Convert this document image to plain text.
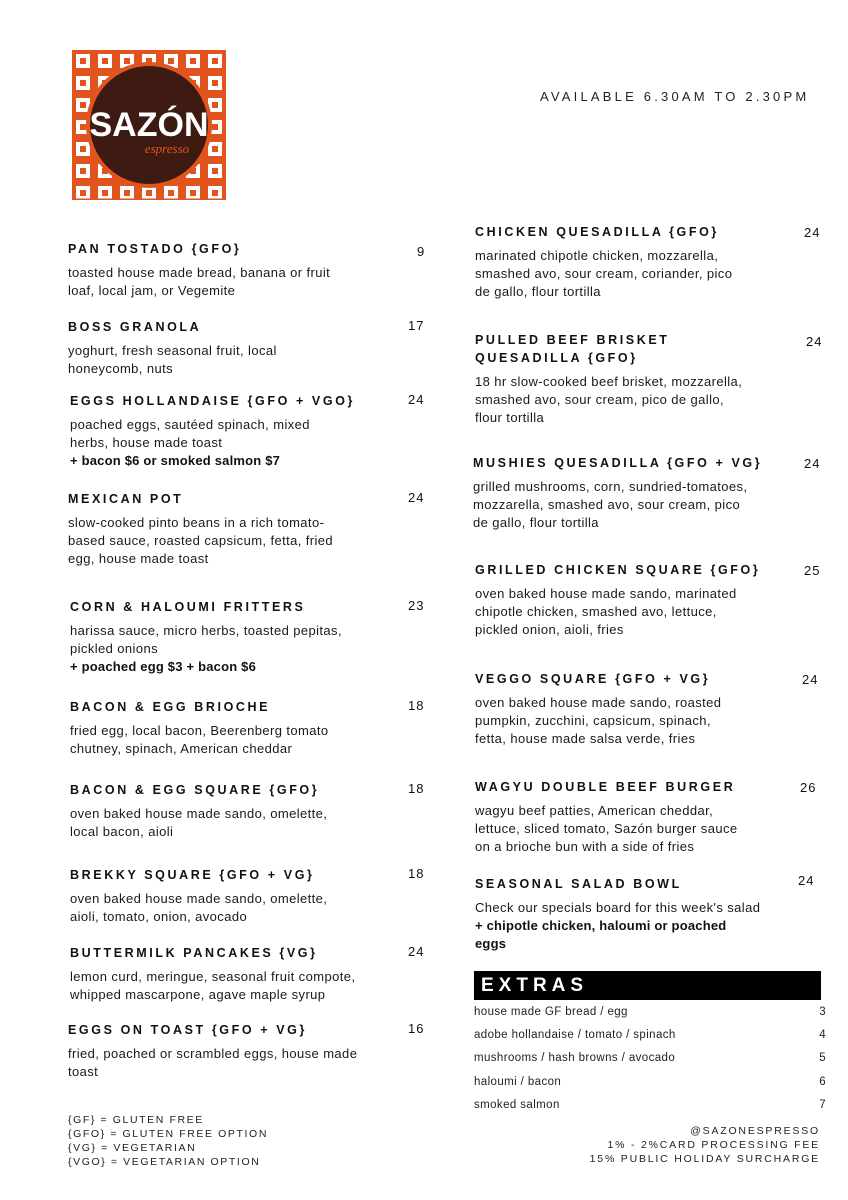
SAZÓN
espresso
AVAILABLE 6.30AM TO 2.30PM
PAN TOSTADO {GFO}
toasted house made bread, banana or fruit
loaf, local jam, or Vegemite
9
BOSS GRANOLA
yoghurt, fresh seasonal fruit, local
honeycomb, nuts
17
EGGS HOLLANDAISE {GFO + VGO}
poached eggs, sautéed spinach, mixed
herbs, house made toast
+ bacon $6 or smoked salmon $7
24
MEXICAN POT
slow-cooked pinto beans in a rich tomato-
based sauce, roasted capsicum, fetta, fried
egg, house made toast
24
CORN & HALOUMI FRITTERS
harissa sauce, micro herbs, toasted pepitas,
pickled onions
+ poached egg $3 + bacon $6
23
BACON & EGG BRIOCHE
fried egg, local bacon, Beerenberg tomato
chutney, spinach, American cheddar
18
BACON & EGG SQUARE {GFO}
oven baked house made sando, omelette,
local bacon, aioli
18
BREKKY SQUARE {GFO + VG}
oven baked house made sando, omelette,
aioli, tomato, onion, avocado
18
BUTTERMILK PANCAKES {VG}
lemon curd, meringue, seasonal fruit compote,
whipped mascarpone, agave maple syrup
24
EGGS ON TOAST {GFO + VG}
fried, poached or scrambled eggs, house made
toast
16
CHICKEN QUESADILLA {GFO}
marinated chipotle chicken, mozzarella,
smashed avo, sour cream, coriander, pico
de gallo, flour tortilla
24
PULLED BEEF BRISKET QUESADILLA {GFO}
18 hr slow-cooked beef brisket, mozzarella,
smashed avo, sour cream, pico de gallo,
flour tortilla
24
MUSHIES QUESADILLA {GFO + VG}
grilled mushrooms, corn, sundried-tomatoes,
mozzarella, smashed avo, sour cream, pico
de gallo, flour tortilla
24
GRILLED CHICKEN SQUARE {GFO}
oven baked house made sando, marinated
chipotle chicken, smashed avo, lettuce,
pickled onion, aioli, fries
25
VEGGO SQUARE {GFO + VG}
oven baked house made sando, roasted
pumpkin, zucchini, capsicum, spinach,
fetta, house made salsa verde, fries
24
WAGYU DOUBLE BEEF BURGER
wagyu beef patties, American cheddar,
lettuce, sliced tomato, Sazón burger sauce
on a brioche bun with a side of fries
26
SEASONAL SALAD BOWL
Check our specials board for this week's salad
+ chipotle chicken, haloumi or poached
eggs
24
EXTRAS
house made GF bread / egg	3
adobe hollandaise / tomato / spinach	4
mushrooms / hash browns / avocado	5
haloumi / bacon	6
smoked salmon	7
{GF} = GLUTEN FREE
{GFO} = GLUTEN FREE OPTION
{VG} = VEGETARIAN
{VGO} = VEGETARIAN OPTION
@SAZONESPRESSO
1% - 2%CARD PROCESSING FEE
15% PUBLIC HOLIDAY SURCHARGE
